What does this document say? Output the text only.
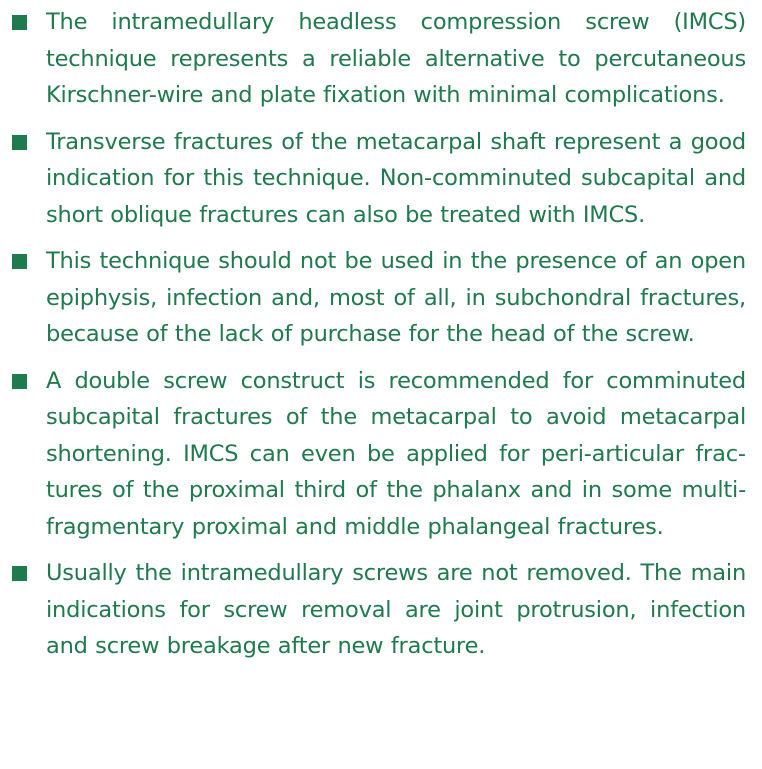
The intramedullary headless compression screw (IMCS) technique represents a reliable alternative to percutaneous Kirschner-wire and plate fixation with minimal complications.
Transverse fractures of the metacarpal shaft represent a good indication for this technique. Non-comminuted subcapital and short oblique fractures can also be treated with IMCS.
This technique should not be used in the presence of an open epiphysis, infection and, most of all, in subchondral fractures, because of the lack of purchase for the head of the screw.
A double screw construct is recommended for comminuted subcapital fractures of the metacarpal to avoid metacarpal shortening. IMCS can even be applied for peri-articular fractures of the proximal third of the phalanx and in some multi-fragmentary proximal and middle phalangeal fractures.
Usually the intramedullary screws are not removed. The main indications for screw removal are joint protrusion, infection and screw breakage after new fracture.
